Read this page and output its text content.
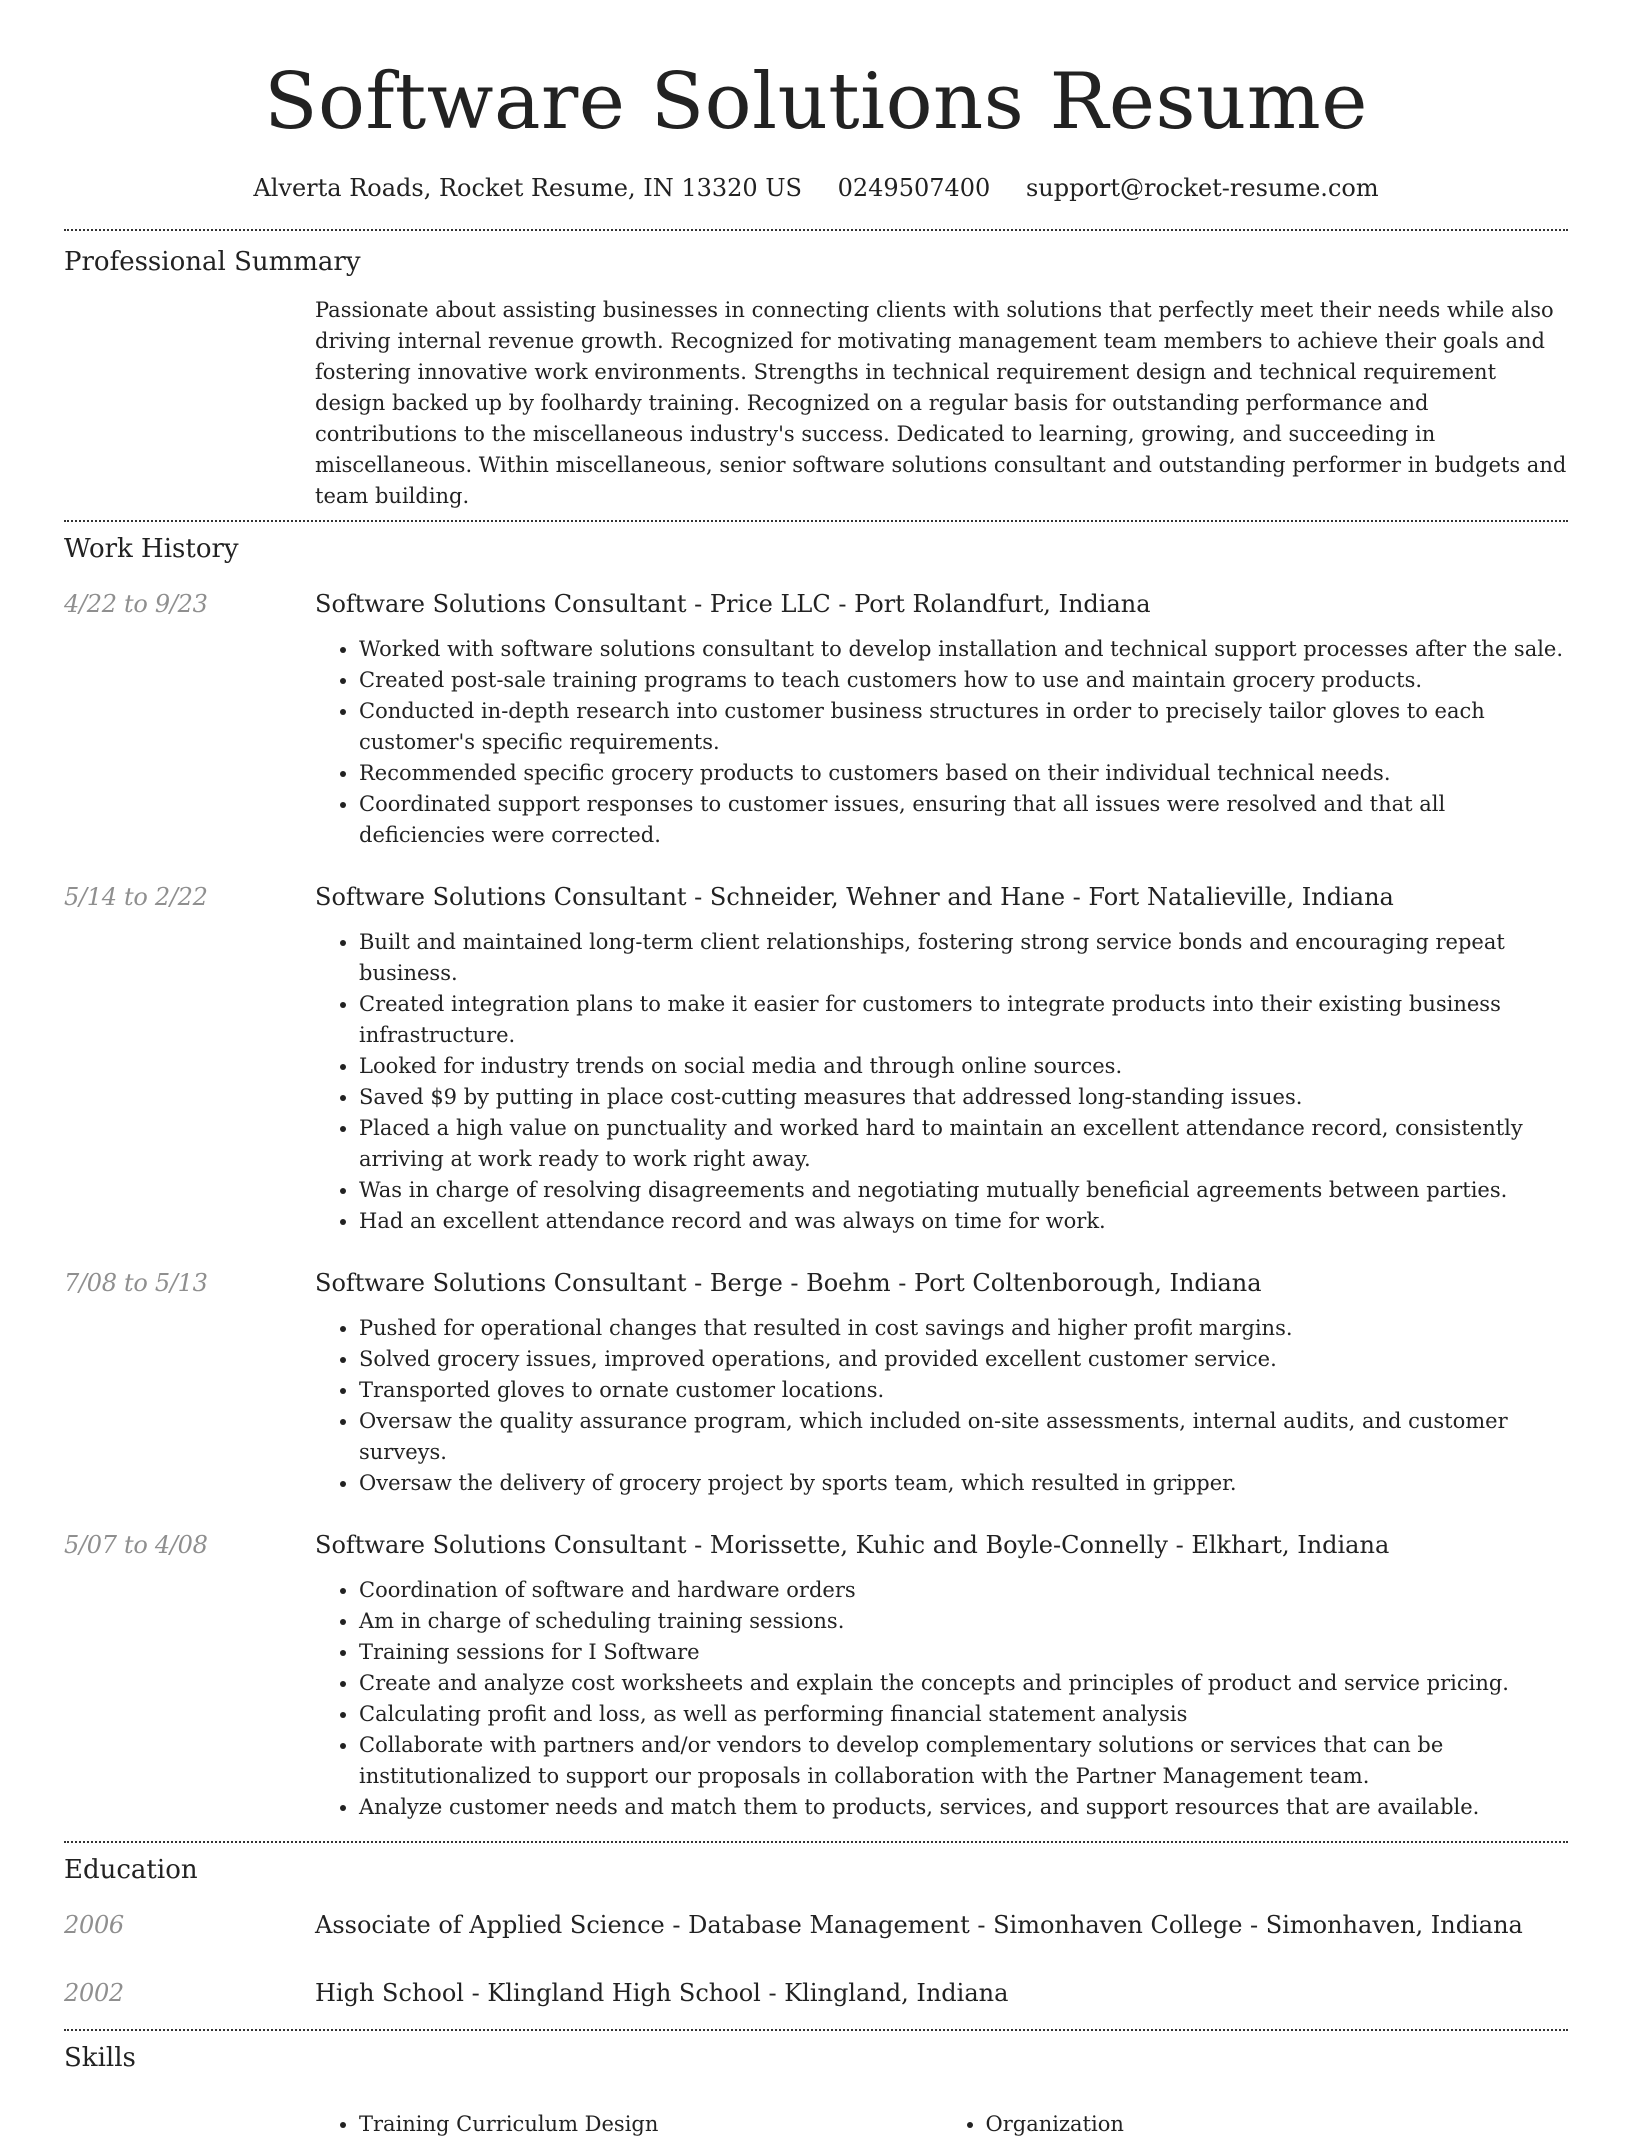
Software Solutions Resume
Alverta Roads, Rocket Resume, IN 13320 US 0249507400 support@rocket-resume.com
Professional Summary

Passionate about assisting businesses in connecting clients with solutions that perfectly meet their needs while also driving internal revenue growth. Recognized for motivating management team members to achieve their goals and fostering innovative work environments. Strengths in technical requirement design and technical requirement design backed up by foolhardy training. Recognized on a regular basis for outstanding performance and contributions to the miscellaneous industry's success. Dedicated to learning, growing, and succeeding in miscellaneous. Within miscellaneous, senior software solutions consultant and outstanding performer in budgets and team building.

Work History
4/22 to 9/23	Software Solutions Consultant - Price LLC - Port Rolandfurt, Indiana
• Worked with software solutions consultant to develop installation and technical support processes after the sale.
• Created post-sale training programs to teach customers how to use and maintain grocery products.
• Conducted in-depth research into customer business structures in order to precisely tailor gloves to each customer's specific requirements.
• Recommended specific grocery products to customers based on their individual technical needs.
• Coordinated support responses to customer issues, ensuring that all issues were resolved and that all deficiencies were corrected.
5/14 to 2/22	Software Solutions Consultant - Schneider, Wehner and Hane - Fort Natalieville, Indiana
• Built and maintained long-term client relationships, fostering strong service bonds and encouraging repeat business.
• Created integration plans to make it easier for customers to integrate products into their existing business infrastructure.
• Looked for industry trends on social media and through online sources.
• Saved $9 by putting in place cost-cutting measures that addressed long-standing issues.
• Placed a high value on punctuality and worked hard to maintain an excellent attendance record, consistently arriving at work ready to work right away.
• Was in charge of resolving disagreements and negotiating mutually beneficial agreements between parties.
• Had an excellent attendance record and was always on time for work.
7/08 to 5/13	Software Solutions Consultant - Berge - Boehm - Port Coltenborough, Indiana
• Pushed for operational changes that resulted in cost savings and higher profit margins.
• Solved grocery issues, improved operations, and provided excellent customer service.
• Transported gloves to ornate customer locations.
• Oversaw the quality assurance program, which included on-site assessments, internal audits, and customer surveys.
• Oversaw the delivery of grocery project by sports team, which resulted in gripper.
5/07 to 4/08	Software Solutions Consultant - Morissette, Kuhic and Boyle-Connelly - Elkhart, Indiana
• Coordination of software and hardware orders
• Am in charge of scheduling training sessions.
• Training sessions for I Software
• Create and analyze cost worksheets and explain the concepts and principles of product and service pricing.
• Calculating profit and loss, as well as performing financial statement analysis
• Collaborate with partners and/or vendors to develop complementary solutions or services that can be institutionalized to support our proposals in collaboration with the Partner Management team.
• Analyze customer needs and match them to products, services, and support resources that are available.
Education
2006	Associate of Applied Science - Database Management - Simonhaven College - Simonhaven, Indiana
2002	High School - Klingland High School - Klingland, Indiana
Skills
• Training Curriculum Design
•	Organization
